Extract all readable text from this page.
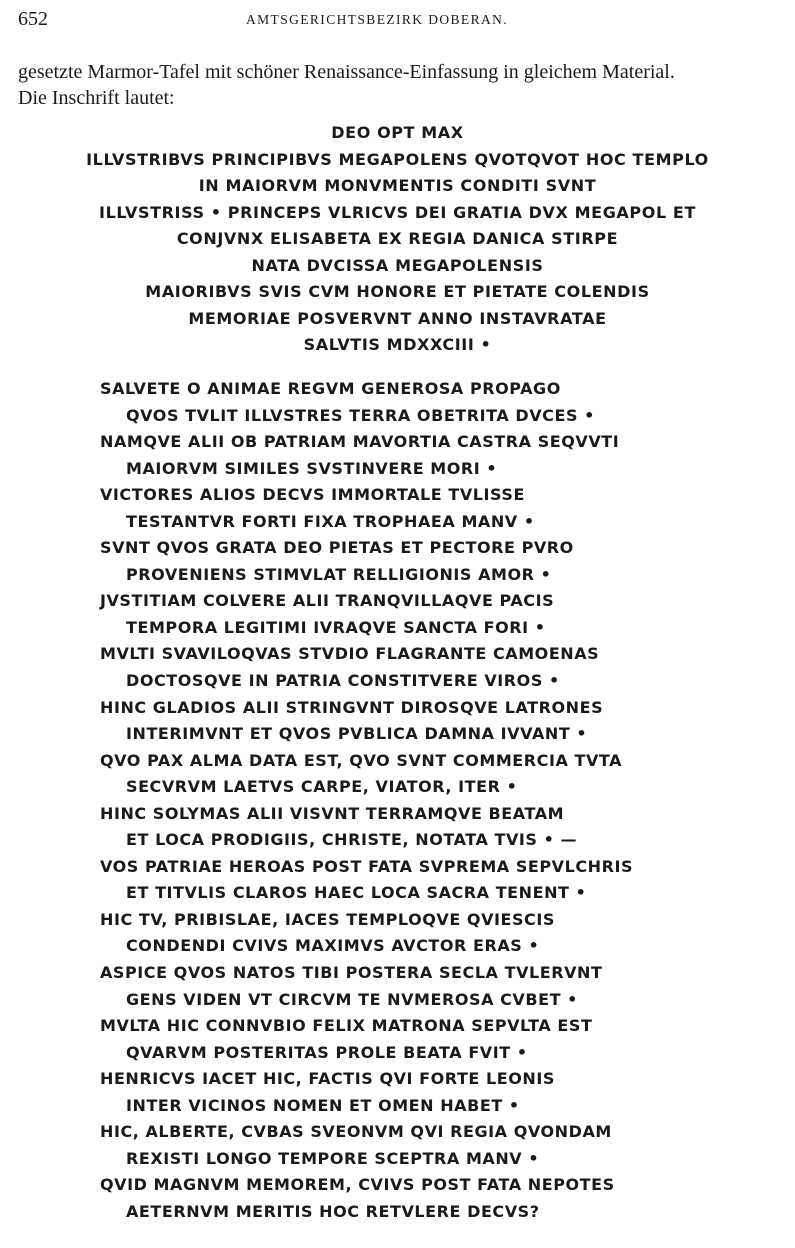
652	AMTSGERICHTSBEZIRK DOBERAN.
gesetzte Marmor-Tafel mit schöner Renaissance-Einfassung in gleichem Material.
Die Inschrift lautet:
DEO OPT MAX
ILLVSTRIBVS PRINCIPIBVS MEGAPOLENS QVOTQVOT HOC TEMPLO
IN MAIORVM MONVMENTIS CONDITI SVNT
ILLVSTRISS • PRINCEPS VLRICVS DEI GRATIA DVX MEGAPOL ET
CONJVNX ELISABETA EX REGIA DANICA STIRPE
NATA DVCISSA MEGAPOLENSIS
MAIORIBVS SVIS CVM HONORE ET PIETATE COLENDIS
MEMORIAE POSVERVNT ANNO INSTAVRATAE
SALVTIS MDXXCIII •
SALVETE O ANIMAE REGVM GENEROSA PROPAGO
QVOS TVLIT ILLVSTRES TERRA OBETRITA DVCES •
NAMQVE ALII OB PATRIAM MAVORTIA CASTRA SEQVVTI
MAIORVM SIMILES SVSTINVERE MORI •
VICTORES ALIOS DECVS IMMORTALE TVLISSE
TESTANTVR FORTI FIXA TROPHAEA MANV •
SVNT QVOS GRATA DEO PIETAS ET PECTORE PVRO
PROVENIENS STIMVLAT RELLIGIONIS AMOR •
JVSTITIAM COLVERE ALII TRANQVILLAQVE PACIS
TEMPORA LEGITIMI IVRAQVE SANCTA FORI •
MVLTI SVAVILOQVAS STVDIO FLAGRANTE CAMOENAS
DOCTOSQVE IN PATRIA CONSTITVERE VIROS •
HINC GLADIOS ALII STRINGVNT DIROSQVE LATRONES
INTERIMVNT ET QVOS PVBLICA DAMNA IVVANT •
QVO PAX ALMA DATA EST, QVO SVNT COMMERCIA TVTA
SECVRVM LAETVS CARPE, VIATOR, ITER •
HINC SOLYMAS ALII VISVNT TERRAMQVE BEATAM
ET LOCA PRODIGIIS, CHRISTE, NOTATA TVIS • —
VOS PATRIAE HEROAS POST FATA SVPREMA SEPVLCHRIS
ET TITVLIS CLAROS HAEC LOCA SACRA TENENT •
HIC TV, PRIBISLAE, IACES TEMPLOQVE QVIESCIS
CONDENDI CVIVS MAXIMVS AVCTOR ERAS •
ASPICE QVOS NATOS TIBI POSTERA SECLA TVLERVNT
GENS VIDEN VT CIRCVM TE NVMEROSA CVBET •
MVLTA HIC CONNVBIO FELIX MATRONA SEPVLTA EST
QVARVM POSTERITAS PROLE BEATA FVIT •
HENRICVS IACET HIC, FACTIS QVI FORTE LEONIS
INTER VICINOS NOMEN ET OMEN HABET •
HIC, ALBERTE, CVBAS SVEONVM QVI REGIA QVONDAM
REXISTI LONGO TEMPORE SCEPTRA MANV •
QVID MAGNVM MEMOREM, CVIVS POST FATA NEPOTES
AETERNVM MERITIS HOC RETVLERE DECVS?
